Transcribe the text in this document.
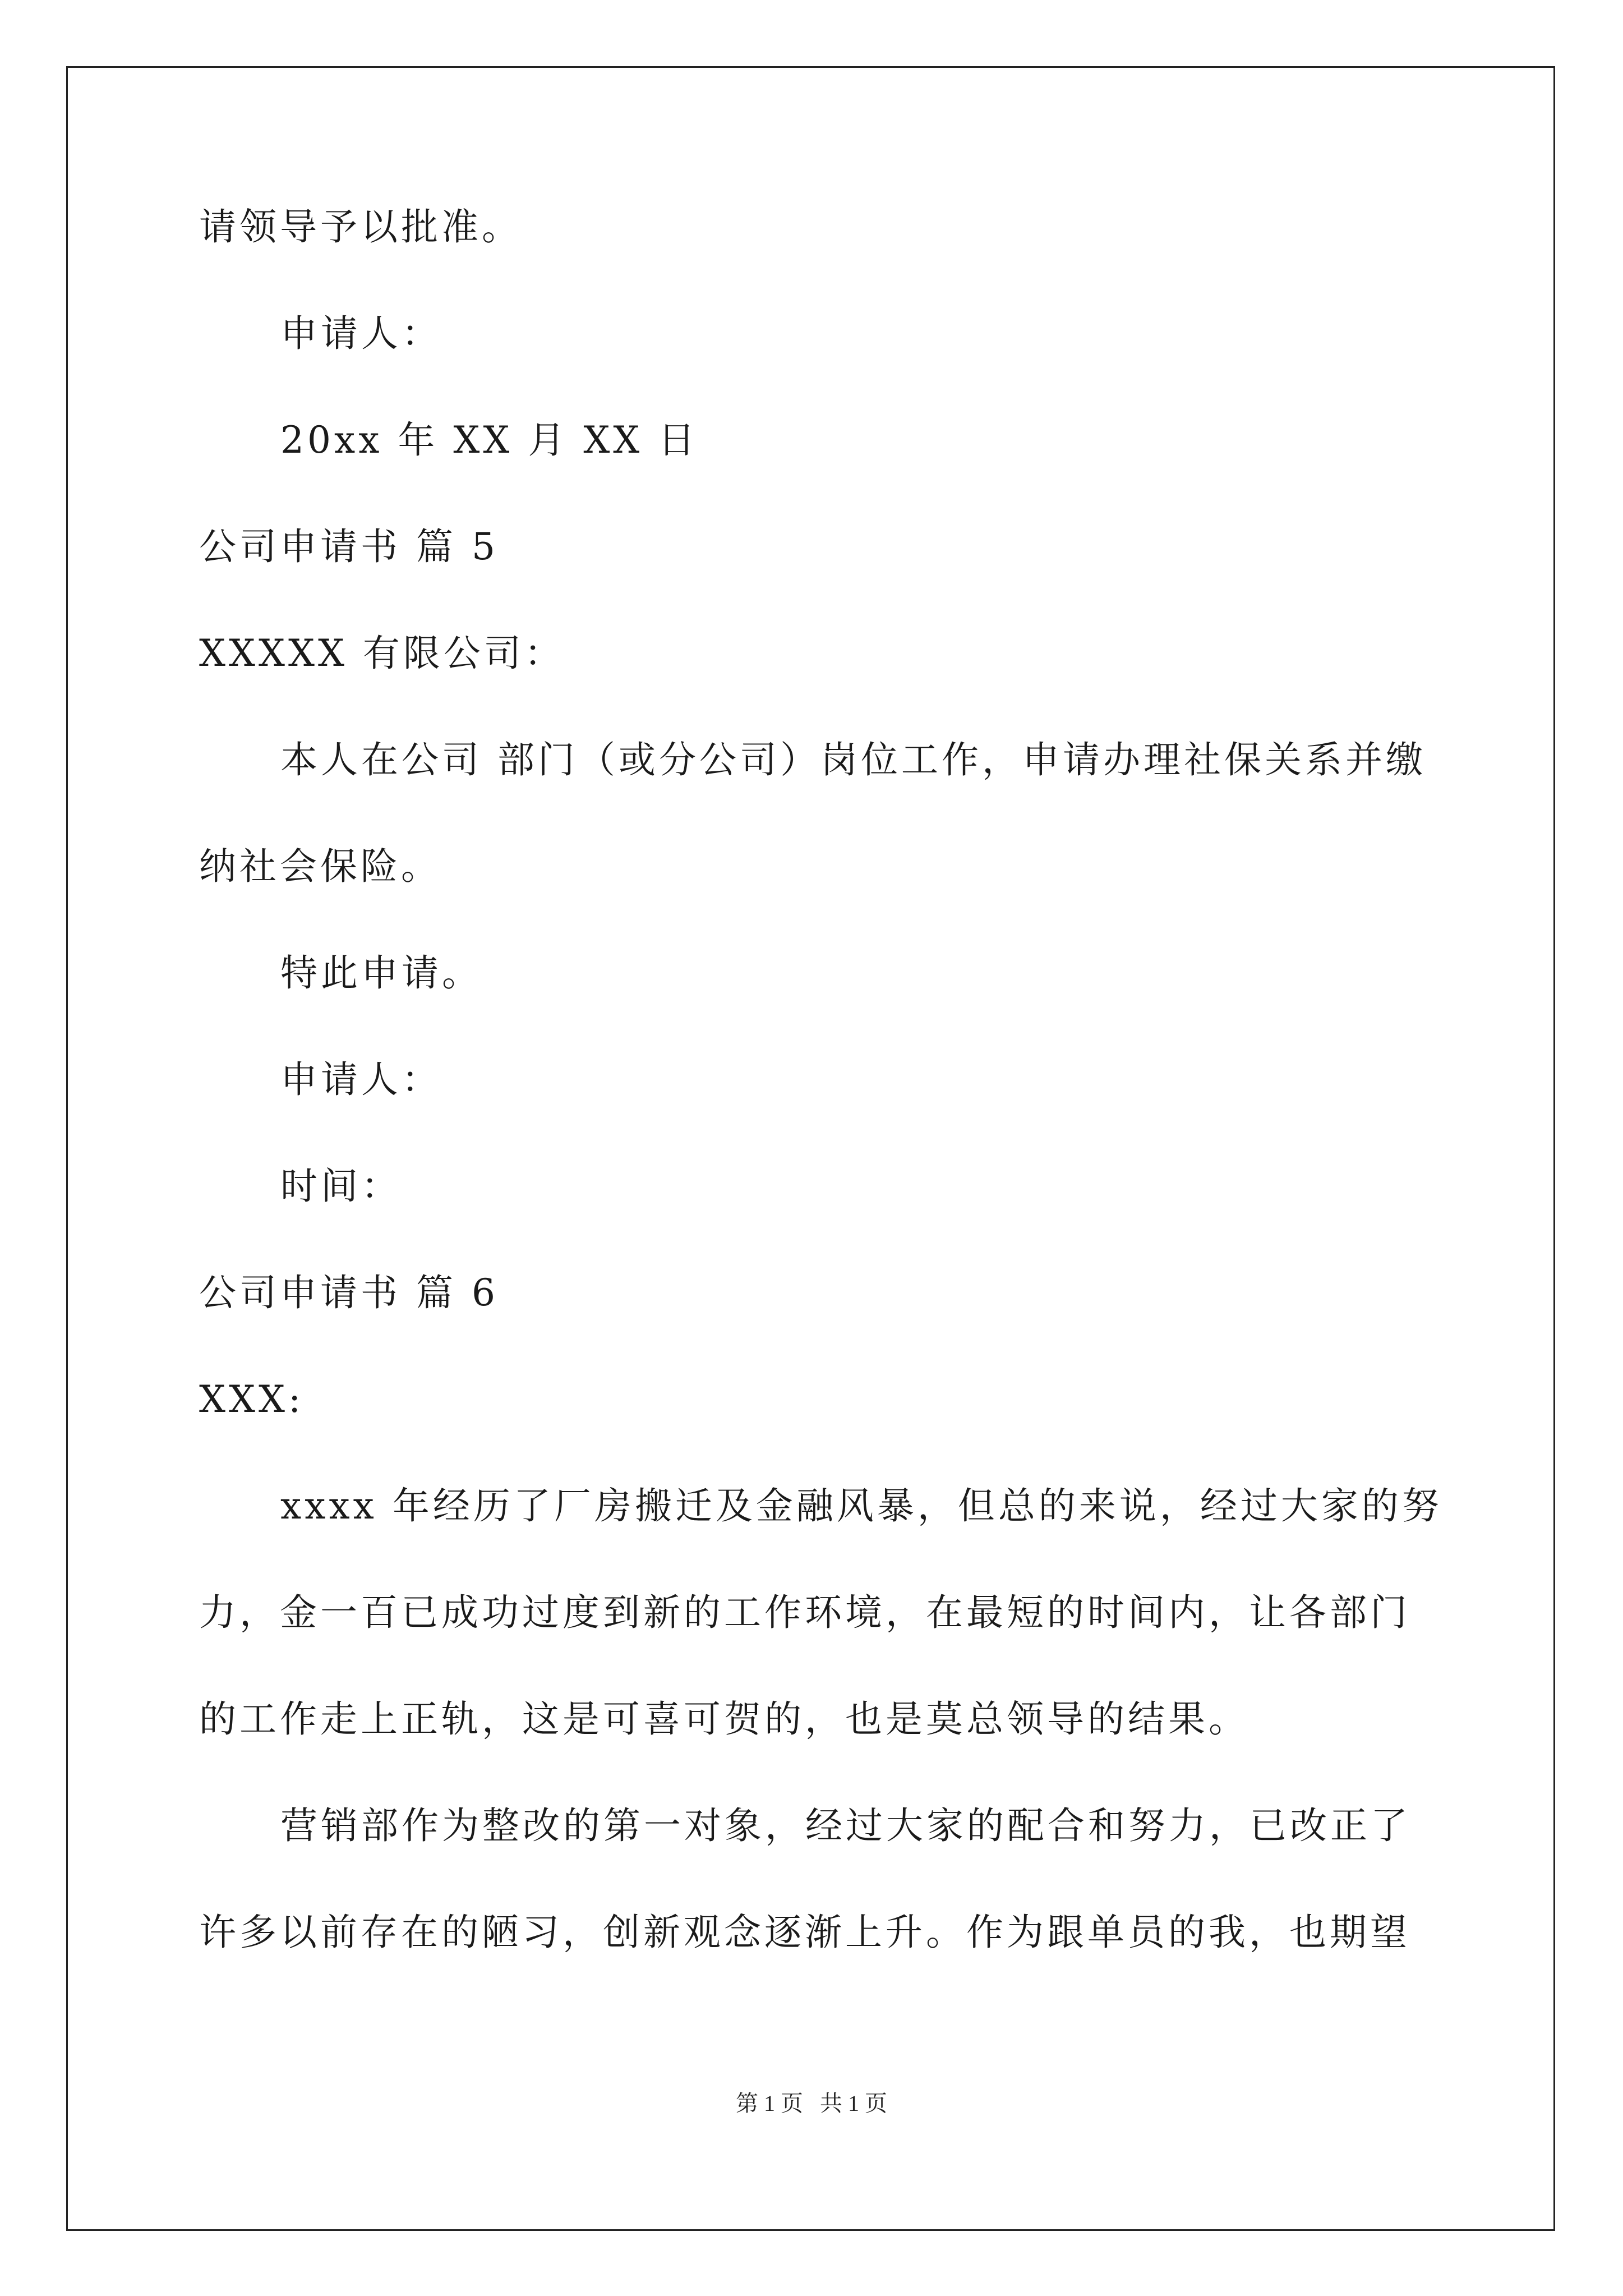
请领导予以批准。
申请人：
20xx 年 XX 月 XX 日
公司申请书 篇 5
XXXXX 有限公司：
本人在公司 部门（或分公司）岗位工作，申请办理社保关系并缴
纳社会保险。
特此申请。
申请人：
时间：
公司申请书 篇 6
XXX:
xxxx 年经历了厂房搬迁及金融风暴，但总的来说，经过大家的努
力，金一百已成功过度到新的工作环境，在最短的时间内，让各部门
的工作走上正轨，这是可喜可贺的，也是莫总领导的结果。
营销部作为整改的第一对象，经过大家的配合和努力，已改正了
许多以前存在的陋习，创新观念逐渐上升。作为跟单员的我，也期望
第 1 页   共 1 页
